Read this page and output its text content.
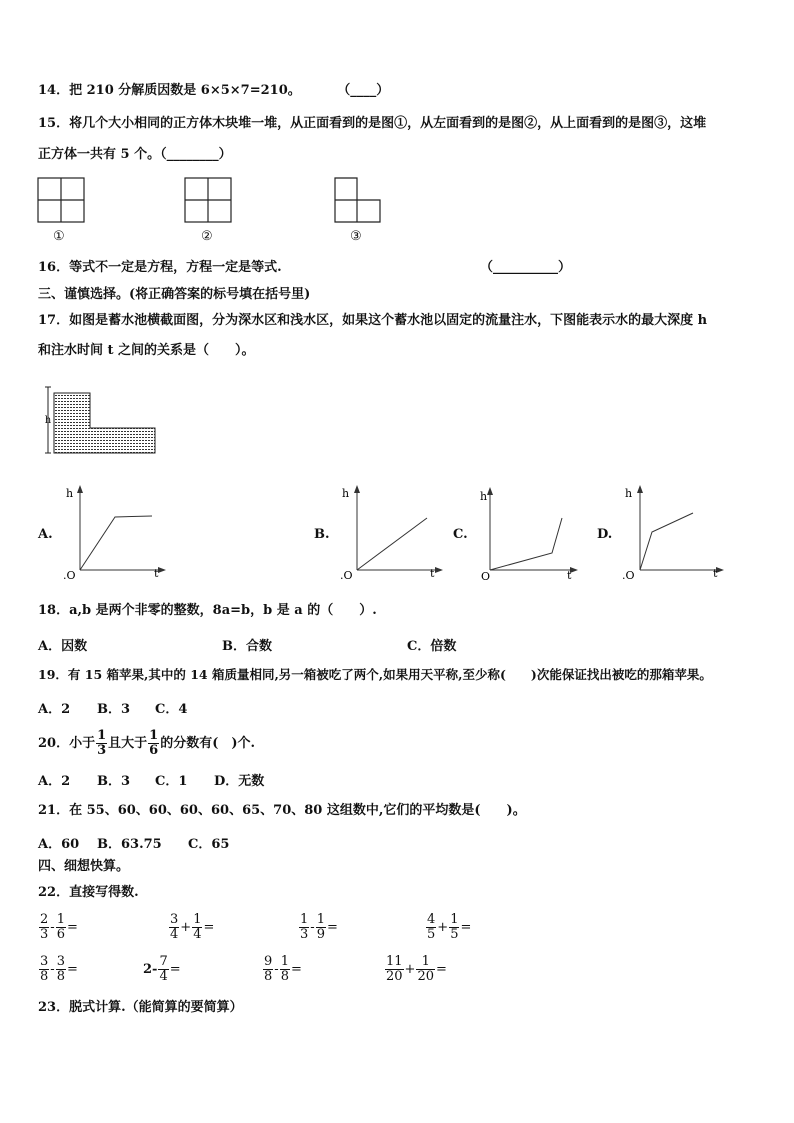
14．把 210 分解质因数是 6×5×7=210。	（____）
15．将几个大小相同的正方体木块堆一堆，从正面看到的是图①，从左面看到的是图②，从上面看到的是图③，这堆
正方体一共有 5 个。（________）
①	②	③
16．等式不一定是方程，方程一定是等式.	（__________）
三、谨慎选择。(将正确答案的标号填在括号里)
17．如图是蓄水池横截面图，分为深水区和浅水区，如果这个蓄水池以固定的流量注水，下图能表示水的最大深度 h
和注水时间 t 之间的关系是（　　）。
h
A.	B.	C.	D.
h
t
.O
h
t
.O
h
t
O
h
t
.O
18．a,b 是两个非零的整数，8a=b，b 是 a 的（　　）.
A．因数	B．合数	C．倍数
19．有 15 箱苹果,其中的 14 箱质量相同,另一箱被吃了两个,如果用天平称,至少称(　　)次能保证找出被吃的那箱苹果。
A．2 B．3 C．4
20．小于 $\frac{1}{3}$ 且大于 $\frac{1}{6}$ 的分数有(　)个.
A．2 B．3 C．1 D．无数
21．在 55、60、60、60、60、65、70、80 这组数中,它们的平均数是(　　)。
A．60 B．63.75 C．65
四、细想快算。
22．直接写得数.
$\frac{2}{3} - \frac{1}{6}$ =	$\frac{3}{4} + \frac{1}{4}$ =	$\frac{1}{3} - \frac{1}{9}$ =	$\frac{4}{5} + \frac{1}{5}$ =
$\frac{3}{8} - \frac{3}{8}$ =	$2- \frac{7}{4}$ =	$\frac{9}{8} - \frac{1}{8}$ =	$\frac{11}{20} + \frac{1}{20}$ =
23．脱式计算.（能简算的要简算）
